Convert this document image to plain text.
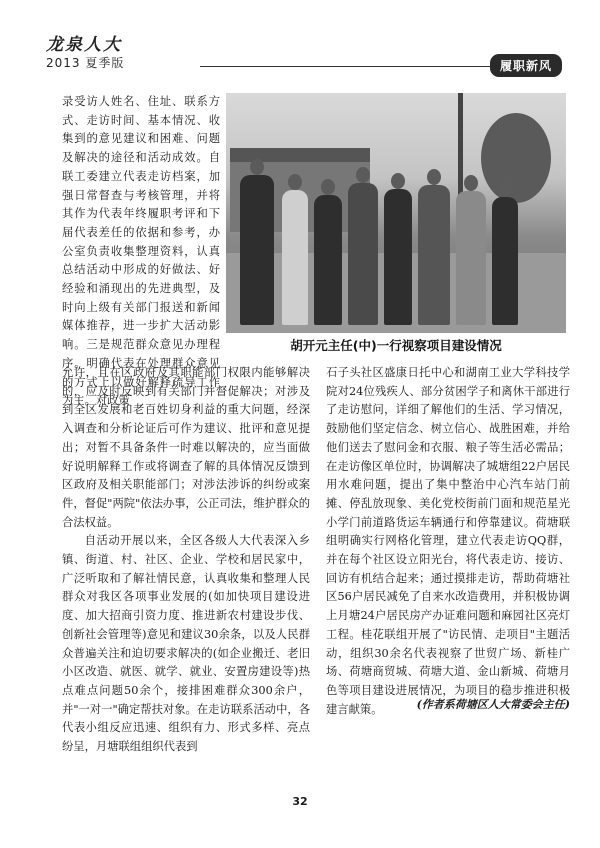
龙泉人大
2013 夏季版	履职新风
胡开元主任(中)一行视察项目建设情况

录受访人姓名、住址、联系方式、走访时间、基本情况、收集到的意见建议和困难、问题及解决的途径和活动成效。自联工委建立代表走访档案，加强日常督查与考核管理，并将其作为代表年终履职考评和下届代表差任的依据和参考，办公室负责收集整理资料，认真总结活动中形成的好做法、好经验和涌现出的先进典型，及时向上级有关部门报送和新闻媒体推荐，进一步扩大活动影响。三是规范群众意见办理程序。明确代表在处理群众意见的方式上以做好解释疏导工作为主。对政策

允许，且在区政府及其职能部门权限内能够解决的，应及时反映到有关部门并督促解决；对涉及到全区发展和老百姓切身利益的重大问题，经深入调查和分析论证后可作为建议、批评和意见提出；对暂不具备条件一时难以解决的，应当面做好说明解释工作或将调查了解的具体情况反馈到区政府及相关职能部门；对涉法涉诉的纠纷或案件，督促"两院"依法办事，公正司法，维护群众的合法权益。

自活动开展以来，全区各级人大代表深入乡镇、街道、村、社区、企业、学校和居民家中，广泛听取和了解社情民意，认真收集和整理人民群众对我区各项事业发展的(如加快项目建设进度、加大招商引资力度、推进新农村建设步伐、创新社会管理等)意见和建议30余条，以及人民群众普遍关注和迫切要求解决的(如企业搬迁、老旧小区改造、就医、就学、就业、安置房建设等)热点难点问题50余个，接排困难群众300余户，并"一对一"确定帮扶对象。在走访联系活动中，各代表小组反应迅速、组织有力、形式多样、亮点纷呈，月塘联组组织代表到

石子头社区盛康日托中心和湖南工业大学科技学院对24位残疾人、部分贫困学子和离休干部进行了走访慰问，详细了解他们的生活、学习情况，鼓励他们坚定信念、树立信心、战胜困难，并给他们送去了慰问金和衣服、粮子等生活必需品；在走访像区单位时，协调解决了城塘组22户居民用水难问题，提出了集中整治中心汽车站门前摊、停乱放现象、美化党校街前门面和规范星光小学门前道路货运车辆通行和停靠建议。荷塘联组明确实行网格化管理，建立代表走访QQ群，并在每个社区设立阳光台，将代表走访、接访、回访有机结合起来；通过摸排走访，帮助荷塘社区56户居民减免了自来水改造费用，并积极协调上月塘24户居民房产办证难问题和麻园社区亮灯工程。桂花联组开展了"访民情、走项目"主题活动，组织30余名代表视察了世贸广场、新桂广场、荷塘商贸城、荷塘大道、金山新城、荷塘月色等项目建设进展情况，为项目的稳步推进积极建言献策。	(作者系荷塘区人大常委会主任)
32
